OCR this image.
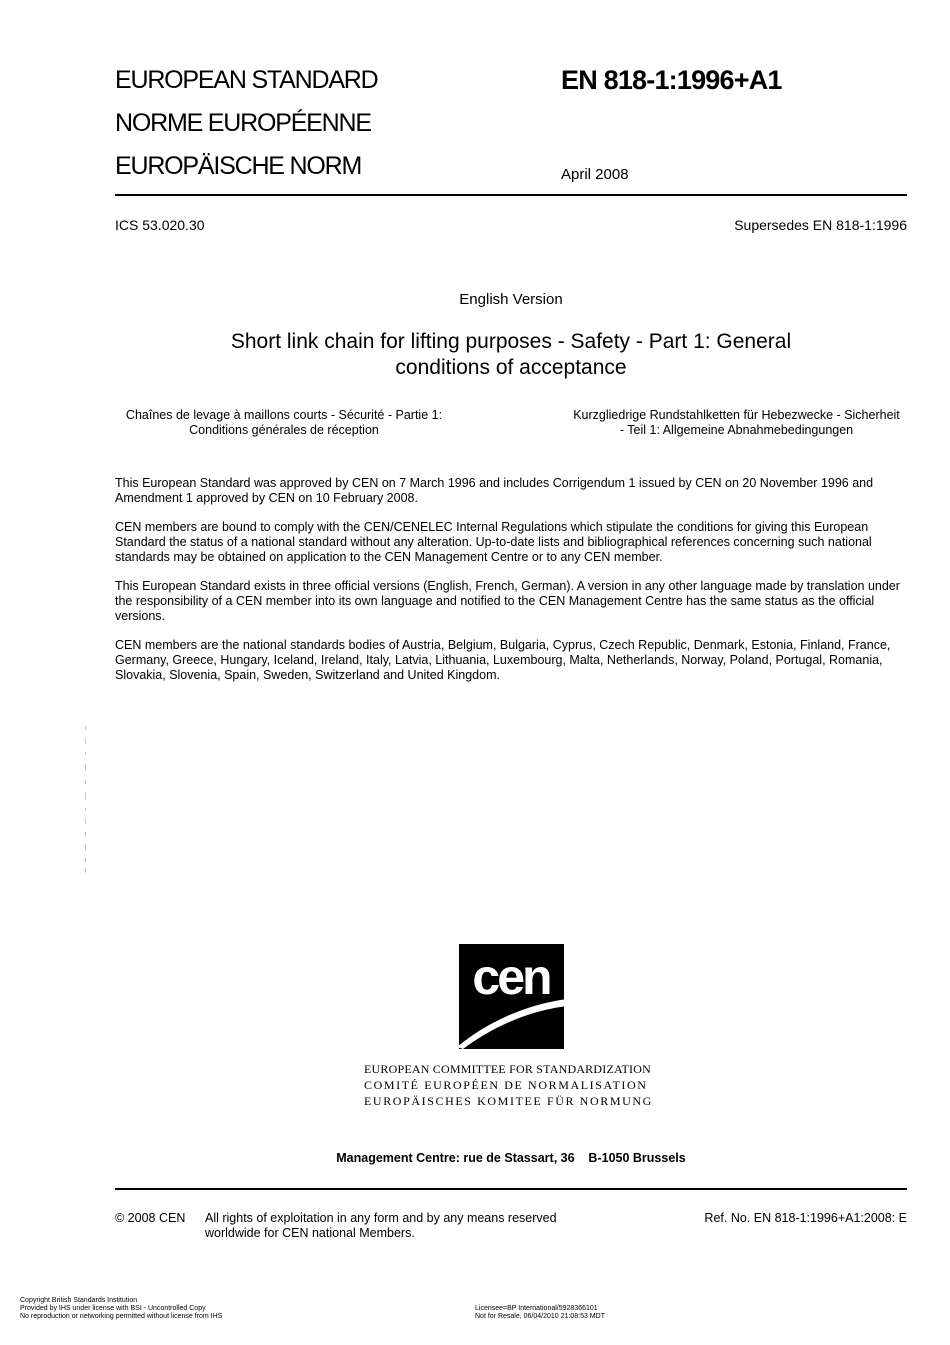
EUROPEAN STANDARD
NORME EUROPÉENNE
EUROPÄISCHE NORM
EN 818-1:1996+A1
April 2008
ICS 53.020.30	Supersedes EN 818-1:1996
English Version
Short link chain for lifting purposes - Safety - Part 1: General
conditions of acceptance
Chaînes de levage à maillons courts - Sécurité - Partie 1:
Conditions générales de réception
Kurzgliedrige Rundstahlketten für Hebezwecke - Sicherheit
- Teil 1: Allgemeine Abnahmebedingungen
This European Standard was approved by CEN on 7 March 1996 and includes Corrigendum 1 issued by CEN on 20 November 1996 and Amendment 1 approved by CEN on 10 February 2008.
CEN members are bound to comply with the CEN/CENELEC Internal Regulations which stipulate the conditions for giving this European Standard the status of a national standard without any alteration. Up-to-date lists and bibliographical references concerning such national standards may be obtained on application to the CEN Management Centre or to any CEN member.
This European Standard exists in three official versions (English, French, German). A version in any other language made by translation under the responsibility of a CEN member into its own language and notified to the CEN Management Centre has the same status as the official versions.
CEN members are the national standards bodies of Austria, Belgium, Bulgaria, Cyprus, Czech Republic, Denmark, Estonia, Finland, France, Germany, Greece, Hungary, Iceland, Ireland, Italy, Latvia, Lithuania, Luxembourg, Malta, Netherlands, Norway, Poland, Portugal, Romania, Slovakia, Slovenia, Spain, Sweden, Switzerland and United Kingdom.
cen
EUROPEAN COMMITTEE FOR STANDARDIZATION
COMITÉ EUROPÉEN DE NORMALISATION
EUROPÄISCHES KOMITEE FÜR NORMUNG
Management Centre: rue de Stassart, 36    B-1050 Brussels
© 2008 CEN All rights of exploitation in any form and by any means reserved
worldwide for CEN national Members.
Ref. No. EN 818-1:1996+A1:2008: E
Copyright British Standards Institution
Provided by IHS under license with BSI - Uncontrolled Copy
No reproduction or networking permitted without license from IHS
Licensee=BP International/5928366101
Not for Resale, 06/04/2010 21:08:53 MDT
